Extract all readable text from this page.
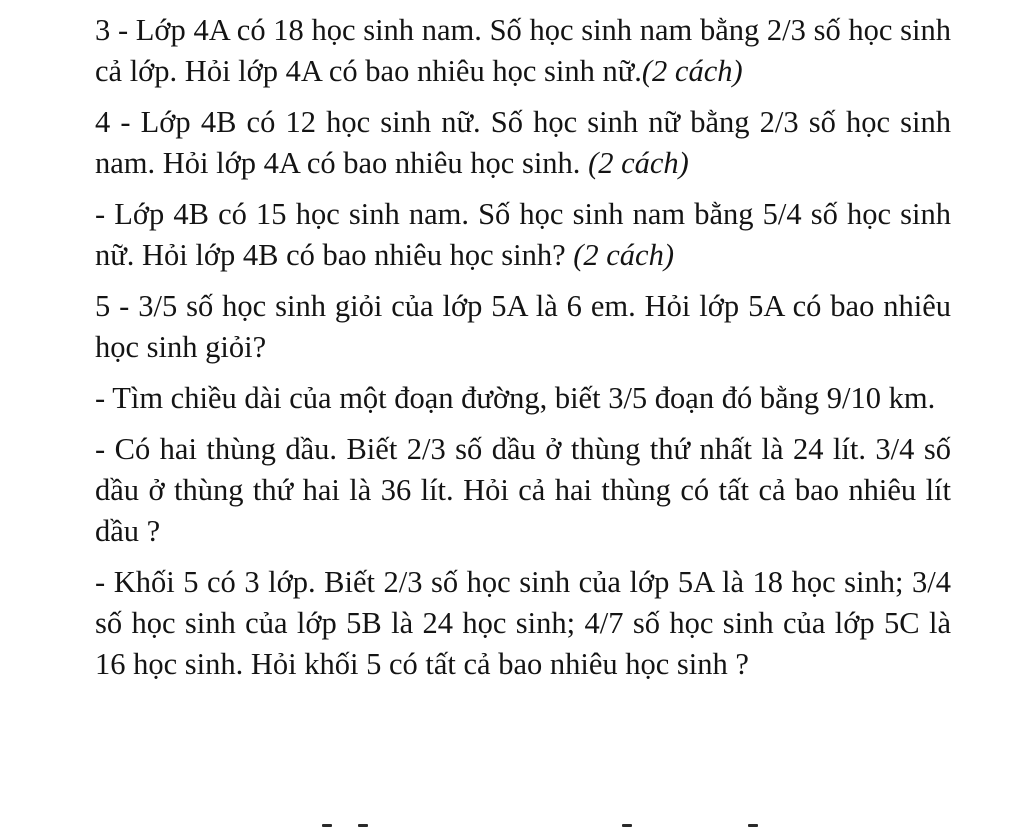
3 - Lớp 4A có 18 học sinh nam. Số học sinh nam bằng 2/3 số học sinh cả lớp. Hỏi lớp 4A có bao nhiêu học sinh nữ.(2 cách)

4 - Lớp 4B có 12 học sinh nữ. Số học sinh nữ bằng 2/3 số học sinh nam. Hỏi lớp 4A có bao nhiêu học sinh. (2 cách)

- Lớp 4B có 15 học sinh nam. Số học sinh nam bằng 5/4 số học sinh nữ. Hỏi lớp 4B có bao nhiêu học sinh? (2 cách)

5 - 3/5 số học sinh giỏi của lớp 5A là 6 em. Hỏi lớp 5A có bao nhiêu học sinh giỏi?

- Tìm chiều dài của một đoạn đường, biết 3/5 đoạn đó bằng 9/10 km.

- Có hai thùng dầu. Biết 2/3 số dầu ở thùng thứ nhất là 24 lít. 3/4 số dầu ở thùng thứ hai là 36 lít. Hỏi cả hai thùng có tất cả bao nhiêu lít dầu ?

- Khối 5 có 3 lớp. Biết 2/3 số học sinh của lớp 5A là 18 học sinh; 3/4 số học sinh của lớp 5B là 24 học sinh; 4/7 số học sinh của lớp 5C là 16 học sinh. Hỏi khối 5 có tất cả bao nhiêu học sinh ?
